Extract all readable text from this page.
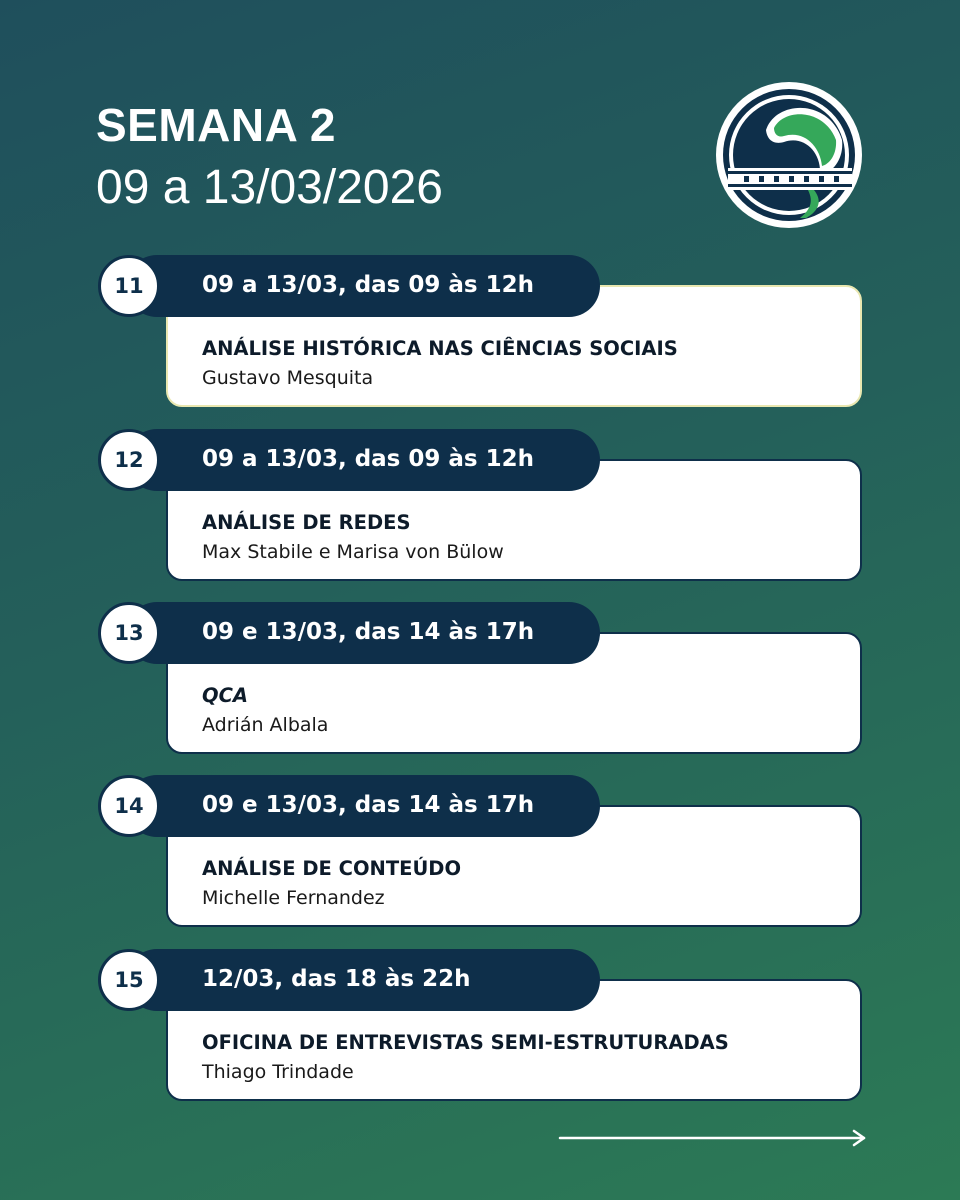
SEMANA 2
09 a 13/03/2026
ANÁLISE HISTÓRICA NAS CIÊNCIAS SOCIAIS
Gustavo Mesquita
09 a 13/03, das 09 às 12h
11
ANÁLISE DE REDES
Max Stabile e Marisa von Bülow
09 a 13/03, das 09 às 12h
12
QCA
Adrián Albala
09 e 13/03, das 14 às 17h
13
ANÁLISE DE CONTEÚDO
Michelle Fernandez
09 e 13/03, das 14 às 17h
14
OFICINA DE ENTREVISTAS SEMI-ESTRUTURADAS
Thiago Trindade
12/03, das 18 às 22h
15
